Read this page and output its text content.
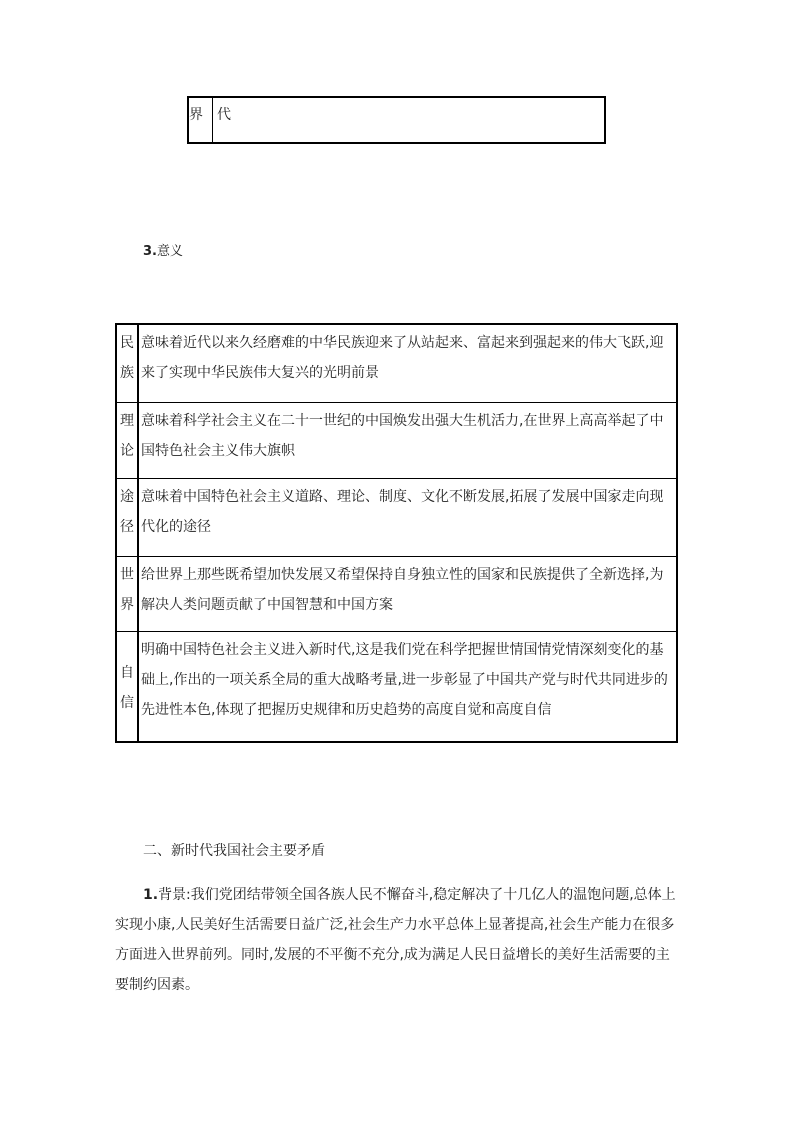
界	代
3.意义
民族
意味着近代以来久经磨难的中华民族迎来了从站起来、富起来到强起来的伟大飞跃,迎来了实现中华民族伟大复兴的光明前景
理论
意味着科学社会主义在二十一世纪的中国焕发出强大生机活力,在世界上高高举起了中国特色社会主义伟大旗帜
途径
意味着中国特色社会主义道路、理论、制度、文化不断发展,拓展了发展中国家走向现代化的途径
世界
给世界上那些既希望加快发展又希望保持自身独立性的国家和民族提供了全新选择,为解决人类问题贡献了中国智慧和中国方案
自信
明确中国特色社会主义进入新时代,这是我们党在科学把握世情国情党情深刻变化的基础上,作出的一项关系全局的重大战略考量,进一步彰显了中国共产党与时代共同进步的先进性本色,体现了把握历史规律和历史趋势的高度自觉和高度自信
二、新时代我国社会主要矛盾
1.背景:我们党团结带领全国各族人民不懈奋斗,稳定解决了十几亿人的温饱问题,总体上实现小康,人民美好生活需要日益广泛,社会生产力水平总体上显著提高,社会生产能力在很多方面进入世界前列。同时,发展的不平衡不充分,成为满足人民日益增长的美好生活需要的主要制约因素。
